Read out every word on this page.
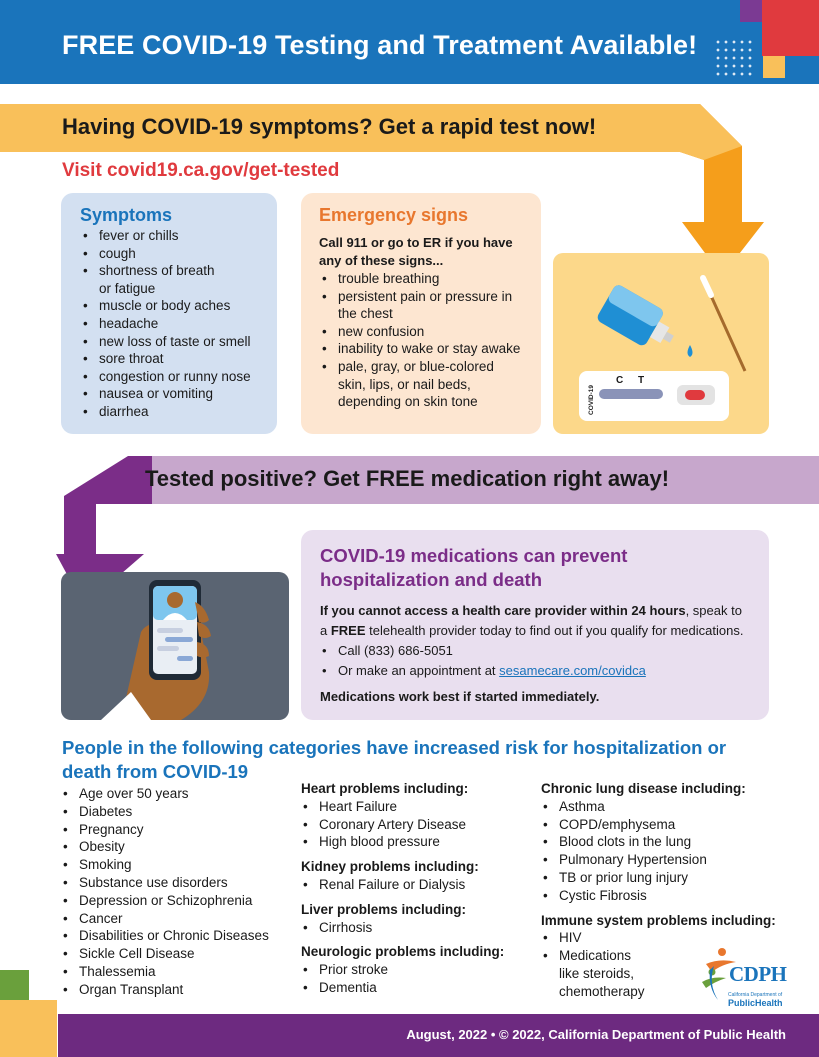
FREE COVID-19 Testing and Treatment Available!
Having COVID-19 symptoms? Get a rapid test now!
Visit covid19.ca.gov/get-tested
Symptoms
• fever or chills
• cough
• shortness of breath
or fatigue
• muscle or body aches
• headache
• new loss of taste or smell
• sore throat
• congestion or runny nose
• nausea or vomiting
• diarrhea
Emergency signs

Call 911 or go to ER if you have any of these signs...

• trouble breathing
• persistent pain or pressure in the chest
• new confusion
• inability to wake or stay awake
• pale, gray, or blue-colored skin, lips, or nail beds, depending on skin tone
C T
COVID-19
Tested positive? Get FREE medication right away!
COVID-19 medications can prevent hospitalization and death

If you cannot access a health care provider within 24 hours, speak to a FREE telehealth provider today to find out if you qualify for medications.

• Call (833) 686-5051
• Or make an appointment at sesamecare.com/covidca

Medications work best if started immediately.

People in the following categories have increased risk for hospitalization or death from COVID-19
• Age over 50 years
• Diabetes
• Pregnancy
• Obesity
• Smoking
• Substance use disorders
• Depression or Schizophrenia
• Cancer
• Disabilities or Chronic Diseases
• Sickle Cell Disease
• Thalessemia
• Organ Transplant
Heart problems including:
• Heart Failure
• Coronary Artery Disease
• High blood pressure
Kidney problems including:
• Renal Failure or Dialysis
Liver problems including:
• Cirrhosis
Neurologic problems including:
• Prior stroke
• Dementia
Chronic lung disease including:
• Asthma
• COPD/emphysema
• Blood clots in the lung
• Pulmonary Hypertension
• TB or prior lung injury
• Cystic Fibrosis
Immune system problems including:
• HIV
• Medications like steroids, chemotherapy
CDPH
California Department of
PublicHealth
August, 2022 • © 2022, California Department of Public Health
